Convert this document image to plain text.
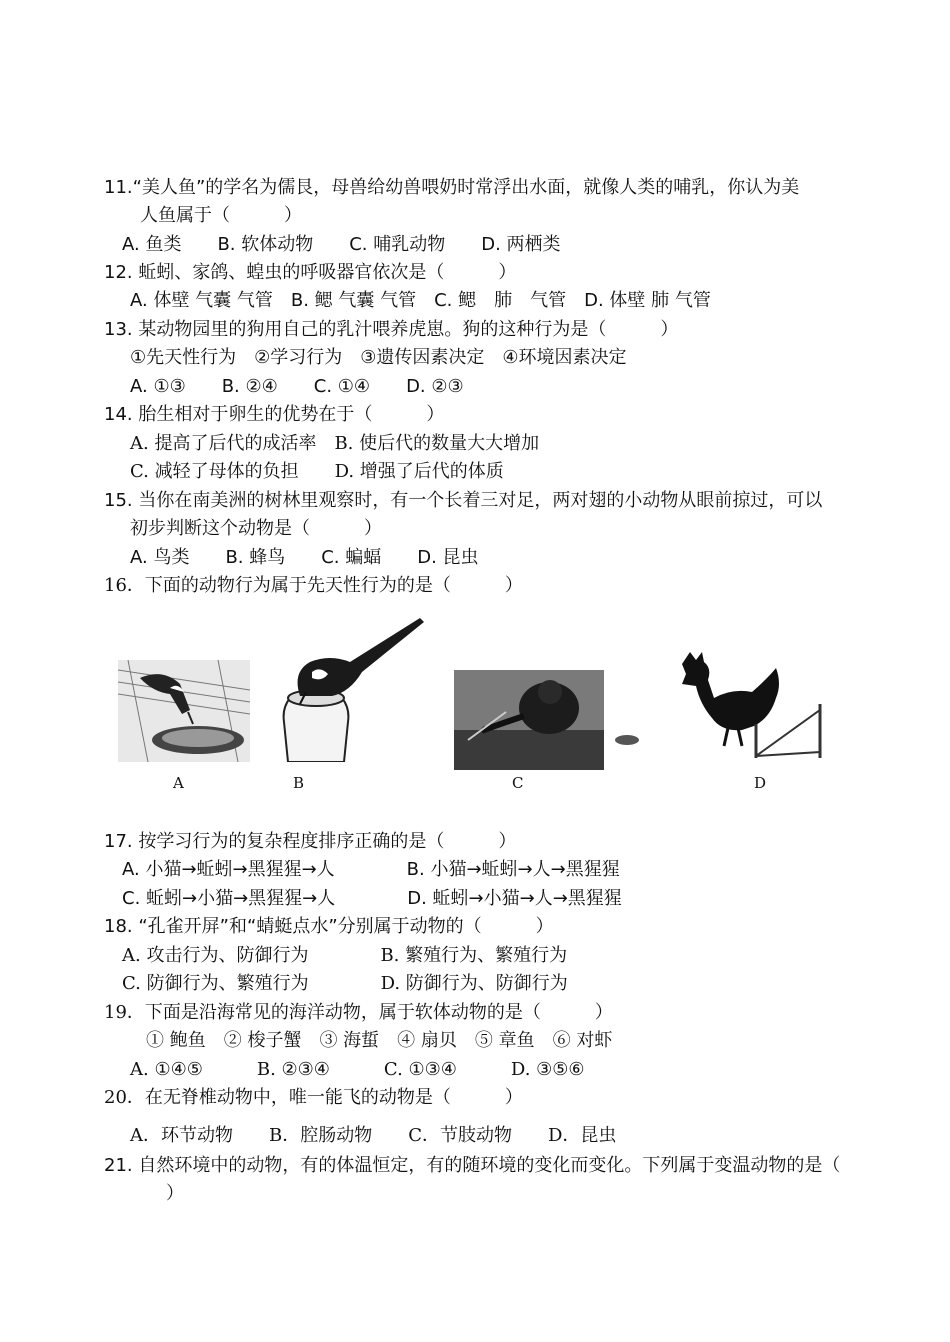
11.“美人鱼”的学名为儒艮，母兽给幼兽喂奶时常浮出水面，就像人类的哺乳，你认为美
人鱼属于（　　　）
A. 鱼类　　B. 软体动物　　C. 哺乳动物　　D. 两栖类
12. 蚯蚓、家鸽、蝗虫的呼吸器官依次是（　　　）
A. 体壁 气囊 气管　B. 鳃 气囊 气管　C. 鳃　肺　气管　D. 体壁 肺 气管
13. 某动物园里的狗用自己的乳汁喂养虎崽。狗的这种行为是（　　　）
①先天性行为　②学习行为　③遗传因素决定　④环境因素决定
A. ①③　　B. ②④　　C. ①④　　D. ②③
14. 胎生相对于卵生的优势在于（　　　）
A. 提高了后代的成活率　B. 使后代的数量大大增加
C. 减轻了母体的负担　　D. 增强了后代的体质
15. 当你在南美洲的树林里观察时，有一个长着三对足，两对翅的小动物从眼前掠过，可以
初步判断这个动物是（　　　）
A. 鸟类　　B. 蜂鸟　　C. 蝙蝠　　D. 昆虫
16．下面的动物行为属于先天性行为的是（　　　）
A	B	C	D
17. 按学习行为的复杂程度排序正确的是（　　　）
A. 小猫→蚯蚓→黑猩猩→人　　　　B. 小猫→蚯蚓→人→黑猩猩
C. 蚯蚓→小猫→黑猩猩→人　　　　D. 蚯蚓→小猫→人→黑猩猩
18. “孔雀开屏”和“蜻蜓点水”分别属于动物的（　　　）
A. 攻击行为、防御行为　　　　B. 繁殖行为、繁殖行为
C. 防御行为、繁殖行为　　　　D. 防御行为、防御行为
19．下面是沿海常见的海洋动物，属于软体动物的是（　　　）
① 鲍鱼　② 梭子蟹　③ 海蜇　④ 扇贝　⑤ 章鱼　⑥ 对虾
A. ①④⑤　　　B. ②③④　　　C. ①③④　　　D. ③⑤⑥
20．在无脊椎动物中，唯一能飞的动物是（　　　）
A．环节动物　　B．腔肠动物　　C．节肢动物　　D．昆虫
21. 自然环境中的动物，有的体温恒定，有的随环境的变化而变化。下列属于变温动物的是（
）
